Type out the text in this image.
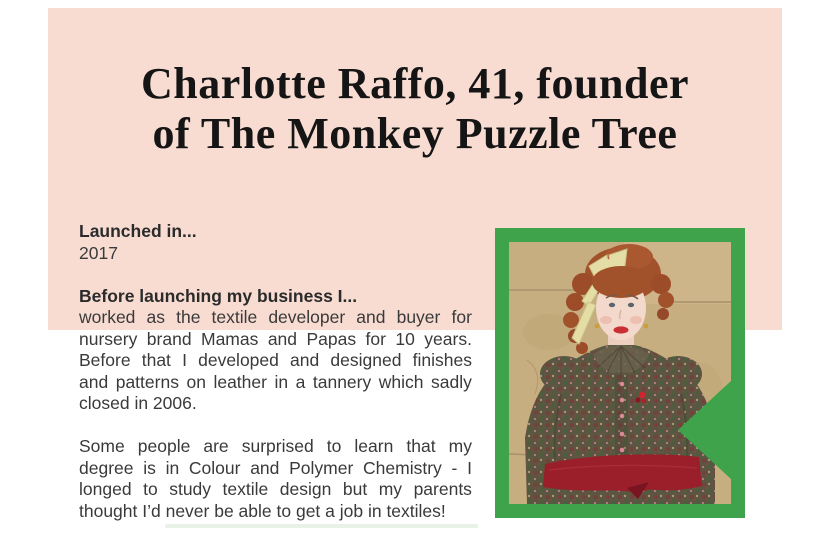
Charlotte Raffo, 41, founder
of The Monkey Puzzle Tree
Launched in...
2017
Before launching my business I...
worked as the textile developer and buyer for
nursery brand Mamas and Papas for 10 years.
Before that I developed and designed finishes
and patterns on leather in a tannery which sadly
closed in 2006.
Some people are surprised to learn that my
degree is in Colour and Polymer Chemistry - I
longed to study textile design but my parents
thought I’d never be able to get a job in textiles!
